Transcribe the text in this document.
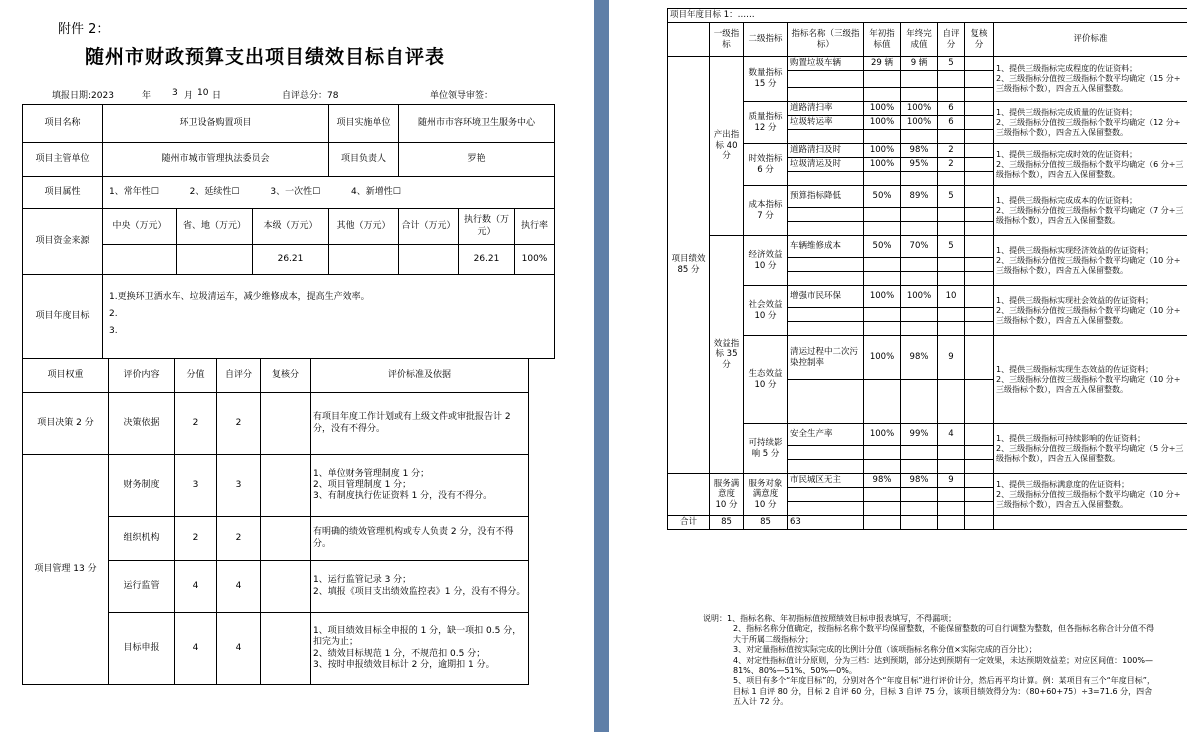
附件 2：
随州市财政预算支出项目绩效目标自评表
填报日期:2023	年 3 月 10 日	自评总分：78	单位领导审签：
项目名称	环卫设备购置项目			项目实施单位	随州市市容环境卫生服务中心		
项目主管单位	随州市城市管理执法委员会			项目负责人	罗艳		
项目属性	1、常年性☐ 2、延续性☐ 3、一次性☐ 4、新增性☐						
项目资金来源	中央（万元）	省、地（万元）	本级（万元）	其他（万元）	合计（万元）	执行数（万元）	执行率
			26.21			26.21	100%
项目年度目标	1.更换环卫洒水车、垃圾清运车，减少维修成本，提高生产效率。
2.
3.						
项目权重	评价内容	分值	自评分	复核分	评价标准及依据
项目决策 2 分	决策依据	2	2		有项目年度工作计划或有上级文件或审批报告计 2 分，没有不得分。
项目管理 13 分	财务制度	3	3		1、单位财务管理制度 1 分；
2、项目管理制度 1 分；
3、有制度执行佐证资料 1 分，没有不得分。
	组织机构	2	2		有明确的绩效管理机构或专人负责 2 分，没有不得分。
	运行监管	4	4		1、运行监管记录 3 分；
2、填报《项目支出绩效监控表》1 分，没有不得分。
	目标申报	4	4		1、项目绩效目标全申报的 1 分，缺一项扣 0.5 分，扣完为止；
2、绩效目标规范 1 分，不规范扣 0.5 分；
3、按时申报绩效目标计 2 分，逾期扣 1 分。
项目年度目标 1：……								
	一级指标	二级指标	指标名称（三级指标）	年初指标值	年终完成值	自评分	复核分	评价标准
项目绩效 85 分	产出指标 40 分	数量指标 15 分	购置垃圾车辆	29 辆	9 辆	5		1、提供三级指标完成程度的佐证资料；
2、三级指标分值按三级指标个数平均确定（15 分÷三级指标个数），四舍五入保留整数。

		质量指标 12 分	道路清扫率	100%	100%	6		1、提供三级指标完成质量的佐证资料；
2、三级指标分值按三级指标个数平均确定（12 分÷三级指标个数），四舍五入保留整数。
			垃圾转运率	100%	100%	6		

		时效指标 6 分	道路清扫及时	100%	98%	2		1、提供三级指标完成时效的佐证资料；
2、三级指标分值按三级指标个数平均确定（6 分÷三级指标个数），四舍五入保留整数。
			垃圾清运及时	100%	95%	2		

		成本指标 7 分	预算指标降低	50%	89%	5		1、提供三级指标完成成本的佐证资料；
2、三级指标分值按三级指标个数平均确定（7 分÷三级指标个数），四舍五入保留整数。

	效益指标 35 分	经济效益 10 分	车辆维修成本	50%	70%	5		1、提供三级指标实现经济效益的佐证资料；
2、三级指标分值按三级指标个数平均确定（10 分÷三级指标个数），四舍五入保留整数。

		社会效益 10 分	增强市民环保	100%	100%	10		1、提供三级指标实现社会效益的佐证资料；
2、三级指标分值按三级指标个数平均确定（10 分÷三级指标个数），四舍五入保留整数。

		生态效益 10 分	清运过程中二次污染控制率	100%	98%	9		1、提供三级指标实现生态效益的佐证资料；
2、三级指标分值按三级指标个数平均确定（10 分÷三级指标个数），四舍五入保留整数。

		可持续影响 5 分	安全生产率	100%	99%	4		1、提供三级指标可持续影响的佐证资料；
2、三级指标分值按三级指标个数平均确定（5 分÷三级指标个数），四舍五入保留整数。

	服务满意度 10 分	服务对象满意度 10 分	市民城区无主	98%	98%	9		1、提供三级指标满意度的佐证资料；
2、三级指标分值按三级指标个数平均确定（10 分÷三级指标个数），四舍五入保留整数。

合计	85	85	63					
说明：1、指标名称、年初指标值按照绩效目标申报表填写，不得漏项；
2、指标名称分值确定，按指标名称个数平均保留整数，不能保留整数的可自行调整为整数，但各指标名称合计分值不得大于所属二级指标分；
3、对定量指标值按实际完成的比例计分值（该项指标名称分值×实际完成的百分比）；
4、对定性指标值计分原则，分为三档：达到预期，部分达到预期有一定效果，未达预期效益差；对应区间值：100%—81%、80%—51%、50%—0%。
5、项目有多个“年度目标”的，分别对各个“年度目标”进行评价计分，然后再平均计算。例：某项目有三个“年度目标”，目标 1 自评 80 分，目标 2 自评 60 分，目标 3 自评 75 分，该项目绩效得分为：（80+60+75）÷3=71.6 分，四舍五入计 72 分。
